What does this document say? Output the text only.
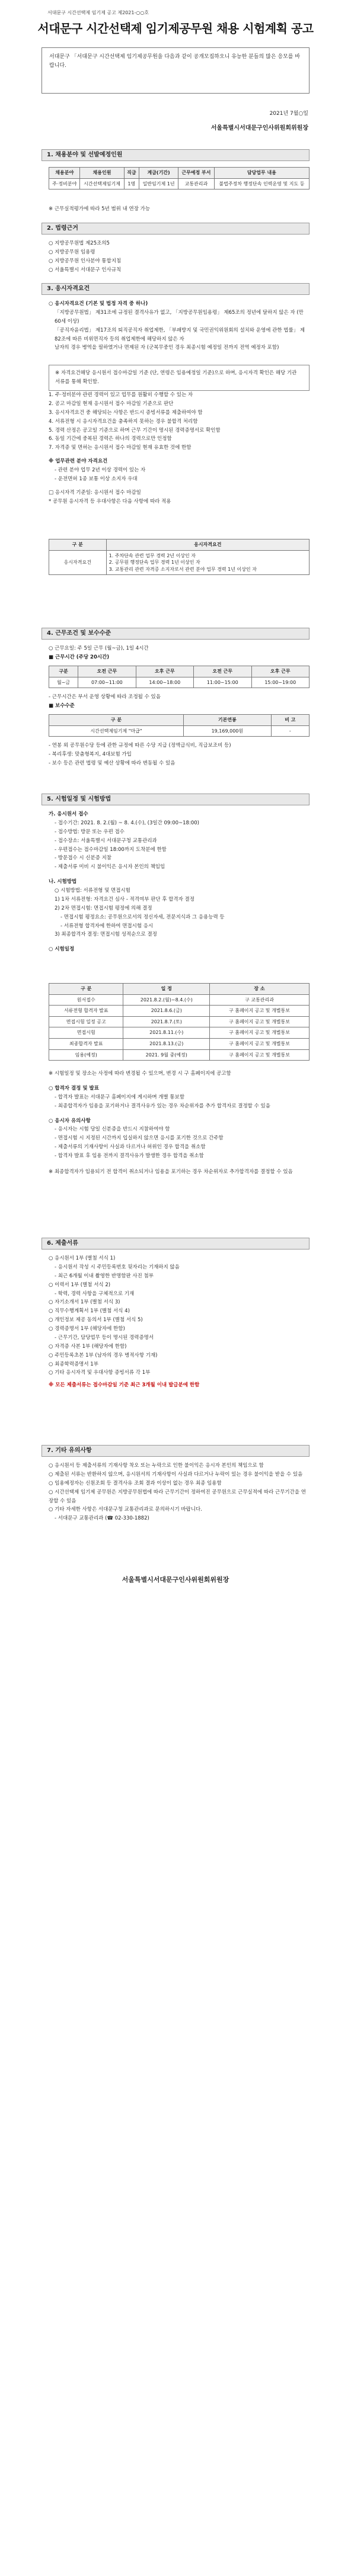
서대문구 시간선택제 임기제 공고 제2021-○○호
서대문구 시간선택제 임기제공무원 채용 시험계획 공고

서대문구 「서대문구 시간선택제 임기제공무원을 다음과 같이 공개모집하오니 유능한 분들의 많은 응모를 바랍니다.

2021년 7월○일
서울특별시서대문구인사위원회위원장
1. 채용분야 및 선발예정인원
채용분야	채용인원	직급	계급(기간)	근무예정 부서	담당업무 내용
주·정비분야	시간선택제임기제	1명	일반임기제 1년	교통관리과	불법주정차 행정단속 인력운영 및 지도 등
※ 근무실적평가에 따라 5년 범위 내 연장 가능
2. 법령근거

○ 지방공무원법 제25조의5

○ 지방공무원 임용령

○ 지방공무원 인사분야 통합지침

○ 서울특별시 서대문구 인사규칙

3. 응시자격요건

○ 응시자격요건 (기본 및 법정 자격 중 하나)

「지방공무원법」 제31조에 규정된 결격사유가 없고, 「지방공무원임용령」 제65조의 정년에 달하지 않은 자 (만 60세 이상)

「공직자윤리법」 제17조의 퇴직공직자 취업제한, 「부패방지 및 국민권익위원회의 설치와 운영에 관한 법률」 제82조에 따른 비위면직자 등의 취업제한에 해당하지 않은 자

남자의 경우 병역을 필하였거나 면제된 자 (군복무중인 경우 최종시험 예정일 전까지 전역 예정자 포함)

※ 자격요건해당 응시원서 접수마감일 기준 (단, 연령은 임용예정일 기준)으로 하며, 응시자격 확인은 해당 기관 서류를 통해 확인함.

1. 주·정비분야 관련 경력이 있고 업무를 원활히 수행할 수 있는 자

2. 공고 마감일 현재 응시원서 접수 마감일 기준으로 판단

3. 응시자격요건 중 해당되는 사항은 반드시 증빙서류를 제출하여야 함

4. 서류전형 시 응시자격요건을 충족하지 못하는 경우 불합격 처리함

5. 경력 산정은 공고일 기준으로 하며 근무 기간이 명시된 경력증명서로 확인함

6. 동일 기간에 중복된 경력은 하나의 경력으로만 인정함

7. 자격증 및 면허는 응시원서 접수 마감일 현재 유효한 것에 한함

※ 업무관련 분야 자격요건

- 관련 분야 업무 2년 이상 경력이 있는 자

- 운전면허 1종 보통 이상 소지자 우대

□ 응시자격 기준일: 응시원서 접수 마감일

* 공무원 응시자격 등 우대사항은 다음 사항에 따라 적용

구 분	응시자격요건
응시자격요건	1. 주차단속 관련 업무 경력 2년 이상인 자
2. 공무원 행정단속 업무 경력 1년 이상인 자
3. 교통관리 관련 자격증 소지자로서 관련 분야 업무 경력 1년 이상인 자
4. 근무조건 및 보수수준

○ 근무요일: 주 5일 근무 (월~금), 1일 4시간

■ 근무시간 (주당 20시간)

구분	오전 근무	오후 근무	오전 근무	오후 근무
월~금	07:00~11:00	14:00~18:00	11:00~15:00	15:00~19:00

- 근무시간은 부서 운영 상황에 따라 조정될 수 있음

■ 보수수준

구 분	기본연봉	비 고
시간선택제임기제 "마급"	19,169,000원	-

- 연봉 외 공무원수당 등에 관한 규정에 따른 수당 지급 (정액급식비, 직급보조비 등)

- 복리후생: 맞춤형복지, 4대보험 가입

- 보수 등은 관련 법령 및 예산 상황에 따라 변동될 수 있음

5. 시험일정 및 시험방법

가. 응시원서 접수

- 접수기간: 2021. 8. 2.(월) ~ 8. 4.(수), (3일간 09:00~18:00)

- 접수방법: 방문 또는 우편 접수

- 접수장소: 서울특별시 서대문구청 교통관리과

- 우편접수는 접수마감일 18:00까지 도착분에 한함

- 방문접수 시 신분증 지참

- 제출서류 미비 시 불이익은 응시자 본인의 책임임

나. 시험방법

○ 시험방법: 서류전형 및 면접시험

1) 1차 서류전형: 자격요건 심사 - 적격여부 판단 후 합격자 결정

2) 2차 면접시험: 면접시험 평정에 의해 결정

- 면접시험 평정요소: 공무원으로서의 정신자세, 전문지식과 그 응용능력 등

- 서류전형 합격자에 한하여 면접시험 응시

3) 최종합격자 결정: 면접시험 성적순으로 결정

○ 시험일정

구 분	일 정	장 소
원서접수	2021.8.2.(월)~8.4.(수)	구 교통관리과
서류전형 합격자 발표	2021.8.6.(금)	구 홈페이지 공고 및 개별통보
면접시험 일정 공고	2021.8.7.(토)	구 홈페이지 공고 및 개별통보
면접시험	2021.8.11.(수)	구 홈페이지 공고 및 개별통보
최종합격자 발표	2021.8.13.(금)	구 홈페이지 공고 및 개별통보
임용(예정)	2021. 9월 중(예정)	구 홈페이지 공고 및 개별통보

※ 시험일정 및 장소는 사정에 따라 변경될 수 있으며, 변경 시 구 홈페이지에 공고함

○ 합격자 결정 및 발표

- 합격자 발표는 서대문구 홈페이지에 게시하며 개별 통보함

- 최종합격자가 임용을 포기하거나 결격사유가 있는 경우 차순위자를 추가 합격자로 결정할 수 있음

○ 응시자 유의사항

- 응시자는 시험 당일 신분증을 반드시 지참하여야 함

- 면접시험 시 지정된 시간까지 입실하지 않으면 응시를 포기한 것으로 간주함

- 제출서류의 기재사항이 사실과 다르거나 허위인 경우 합격을 취소함

- 합격자 발표 후 임용 전까지 결격사유가 발생한 경우 합격을 취소함

※ 최종합격자가 임용되기 전 합격이 취소되거나 임용을 포기하는 경우 차순위자로 추가합격자를 결정할 수 있음

6. 제출서류

○ 응시원서 1부 (별첨 서식 1)

- 응시원서 작성 시 주민등록번호 뒷자리는 기재하지 않음

- 최근 6개월 이내 촬영한 반명함판 사진 첨부

○ 이력서 1부 (별첨 서식 2)

- 학력, 경력 사항을 구체적으로 기재

○ 자기소개서 1부 (별첨 서식 3)

○ 직무수행계획서 1부 (별첨 서식 4)

○ 개인정보 제공 동의서 1부 (별첨 서식 5)

○ 경력증명서 1부 (해당자에 한함)

- 근무기간, 담당업무 등이 명시된 경력증명서

○ 자격증 사본 1부 (해당자에 한함)

○ 주민등록초본 1부 (남자의 경우 병적사항 기재)

○ 최종학력증명서 1부

○ 기타 응시자격 및 우대사항 증빙서류 각 1부

※ 모든 제출서류는 접수마감일 기준 최근 3개월 이내 발급분에 한함

7. 기타 유의사항

○ 응시원서 등 제출서류의 기재사항 착오 또는 누락으로 인한 불이익은 응시자 본인의 책임으로 함

○ 제출된 서류는 반환하지 않으며, 응시원서의 기재사항이 사실과 다르거나 누락이 있는 경우 불이익을 받을 수 있음

○ 임용예정자는 신원조회 등 결격사유 조회 결과 이상이 없는 경우 최종 임용함

○ 시간선택제 임기제 공무원은 지방공무원법에 따라 근무기간이 정하여진 공무원으로 근무실적에 따라 근무기간을 연장할 수 있음

○ 기타 자세한 사항은 서대문구청 교통관리과로 문의하시기 바랍니다.

- 서대문구 교통관리과 (☎ 02-330-1882)

서울특별시서대문구인사위원회위원장
